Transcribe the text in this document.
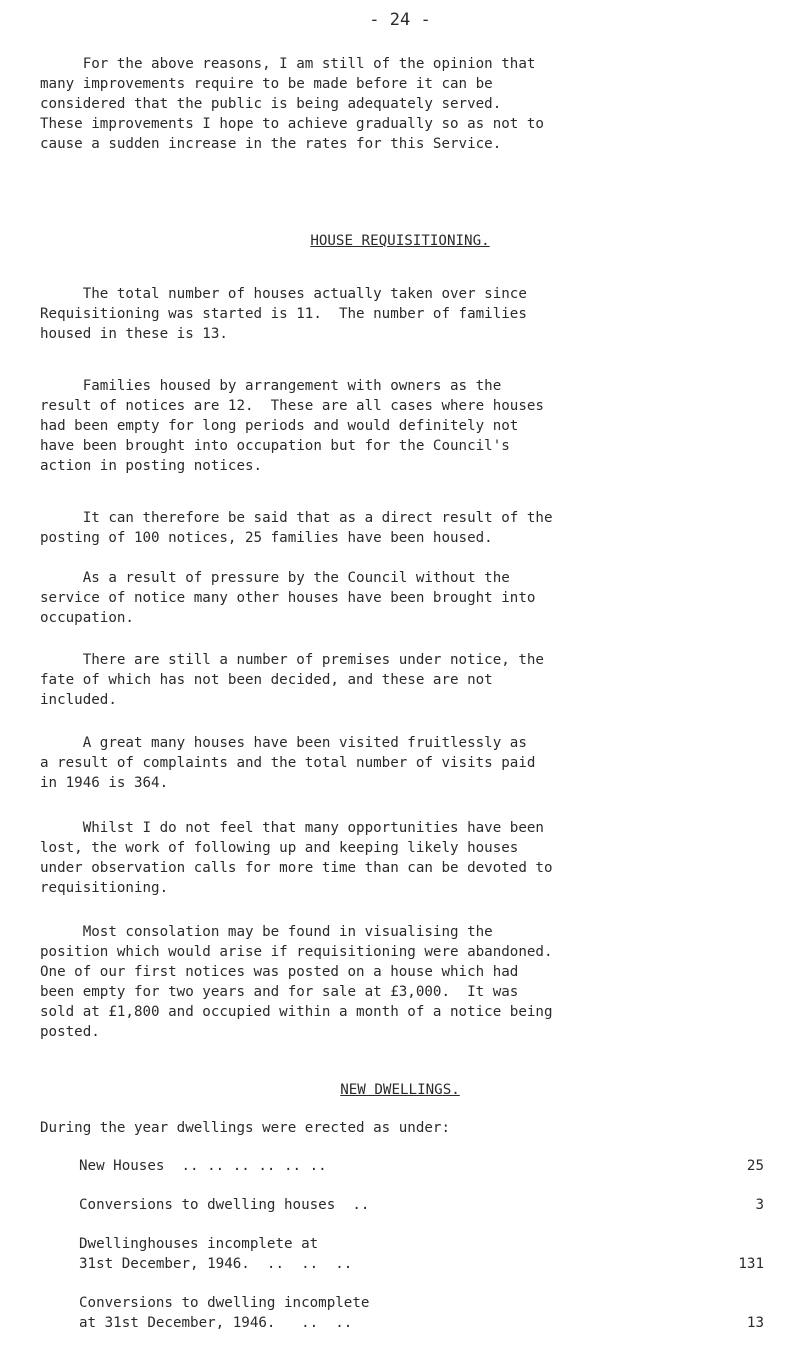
- 24 -

For the above reasons, I am still of the opinion that
many improvements require to be made before it can be
considered that the public is being adequately served.
These improvements I hope to achieve gradually so as not to
cause a sudden increase in the rates for this Service.

HOUSE REQUISITIONING.

The total number of houses actually taken over since
Requisitioning was started is 11.  The number of families
housed in these is 13.

Families housed by arrangement with owners as the
result of notices are 12.  These are all cases where houses
had been empty for long periods and would definitely not
have been brought into occupation but for the Council's
action in posting notices.

It can therefore be said that as a direct result of the
posting of 100 notices, 25 families have been housed.

As a result of pressure by the Council without the
service of notice many other houses have been brought into
occupation.

There are still a number of premises under notice, the
fate of which has not been decided, and these are not
included.

A great many houses have been visited fruitlessly as
a result of complaints and the total number of visits paid
in 1946 is 364.

Whilst I do not feel that many opportunities have been
lost, the work of following up and keeping likely houses
under observation calls for more time than can be devoted to
requisitioning.

Most consolation may be found in visualising the
position which would arise if requisitioning were abandoned.
One of our first notices was posted on a house which had
been empty for two years and for sale at £3,000.  It was
sold at £1,800 and occupied within a month of a notice being
posted.

NEW DWELLINGS.

During the year dwellings were erected as under:

New Houses  .. .. .. .. .. ..	25
Conversions to dwelling houses  ..	3
Dwellinghouses incomplete at
31st December, 1946.  ..  ..  ..	131
Conversions to dwelling incomplete
at 31st December, 1946.   ..  ..	13
